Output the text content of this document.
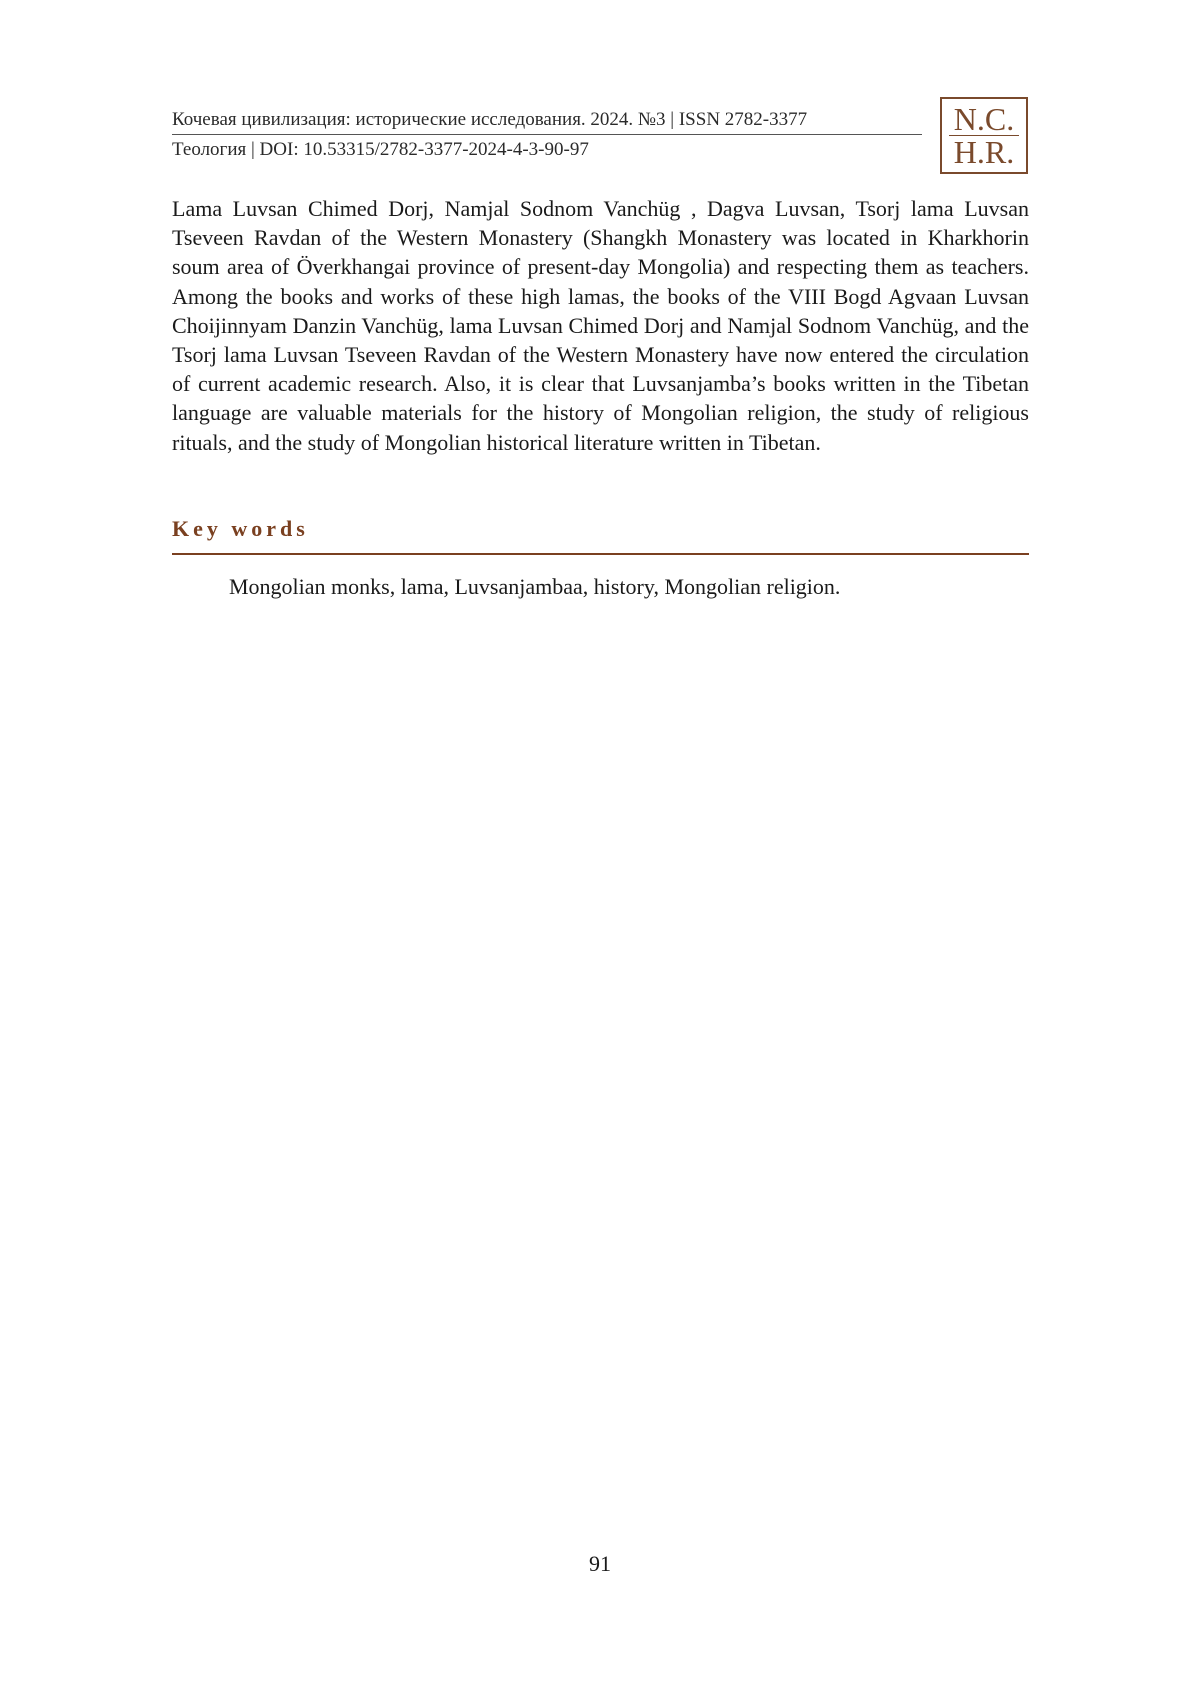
Кочевая цивилизация: исторические исследования. 2024. №3 | ISSN 2782-3377
Теология | DOI: 10.53315/2782-3377-2024-4-3-90-97
N.C.
H.R.

Lama Luvsan Chimed Dorj, Namjal Sodnom Vanchüg , Dagva Luvsan, Tsorj lama Luvsan Tseveen Ravdan of the Western Monastery (Shangkh Monastery was located in Kharkhorin soum area of Överkhangai province of present-day Mongolia) and respecting them as teachers. Among the books and works of these high lamas, the books of the VIII Bogd Agvaan Luvsan Choijinnyam Danzin Vanchüg, lama Luvsan Chimed Dorj and Namjal Sodnom Vanchüg, and the Tsorj lama Luvsan Tseveen Ravdan of the Western Monastery have now entered the circulation of current academic research. Also, it is clear that Luvsanjamba’s books written in the Tibetan language are valuable materials for the history of Mongolian religion, the study of religious rituals, and the study of Mongolian historical literature written in Tibetan.

Key words

Mongolian monks, lama, Luvsanjambaa, history, Mongolian religion.

91
